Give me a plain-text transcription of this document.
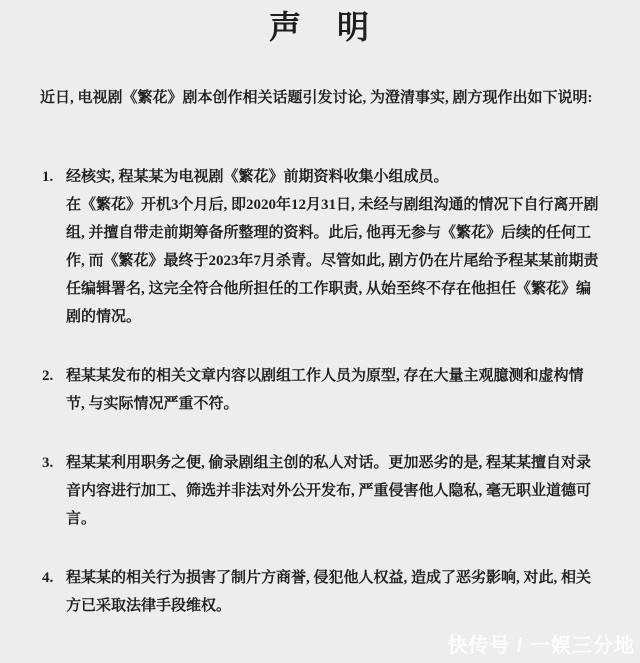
声　明

近日, 电视剧《繁花》剧本创作相关话题引发讨论, 为澄清事实, 剧方现作出如下说明:

1. 经核实, 程某某为电视剧《繁花》前期资料收集小组成员。

在《繁花》开机3个月后, 即2020年12月31日, 未经与剧组沟通的情况下自行离开剧组, 并擅自带走前期筹备所整理的资料。此后, 他再无参与《繁花》后续的任何工作, 而《繁花》最终于2023年7月杀青。尽管如此, 剧方仍在片尾给予程某某前期责任编辑署名, 这完全符合他所担任的工作职责, 从始至终不存在他担任《繁花》编剧的情况。

2. 程某某发布的相关文章内容以剧组工作人员为原型, 存在大量主观臆测和虚构情节, 与实际情况严重不符。

3. 程某某利用职务之便, 偷录剧组主创的私人对话。更加恶劣的是, 程某某擅自对录音内容进行加工、筛选并非法对外公开发布, 严重侵害他人隐私, 毫无职业道德可言。

4. 程某某的相关行为损害了制片方商誉, 侵犯他人权益, 造成了恶劣影响, 对此, 相关方已采取法律手段维权。

快传号 / 一娱三分地
